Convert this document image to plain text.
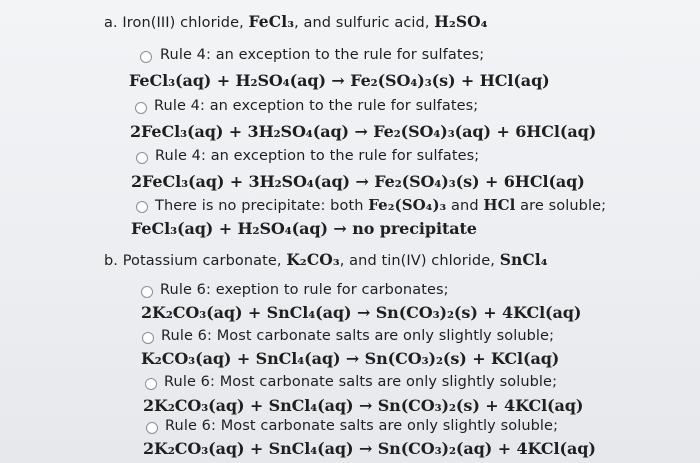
a. Iron(III) chloride, FeCl₃, and sulfuric acid, H₂SO₄
Rule 4: an exception to the rule for sulfates;
FeCl₃(aq) + H₂SO₄(aq) → Fe₂(SO₄)₃(s) + HCl(aq)
Rule 4: an exception to the rule for sulfates;
2FeCl₃(aq) + 3H₂SO₄(aq) → Fe₂(SO₄)₃(aq) + 6HCl(aq)
Rule 4: an exception to the rule for sulfates;
2FeCl₃(aq) + 3H₂SO₄(aq) → Fe₂(SO₄)₃(s) + 6HCl(aq)
There is no precipitate: both Fe₂(SO₄)₃ and HCl are soluble;
FeCl₃(aq) + H₂SO₄(aq) → no precipitate
b. Potassium carbonate, K₂CO₃, and tin(IV) chloride, SnCl₄
Rule 6: exeption to rule for carbonates;
2K₂CO₃(aq) + SnCl₄(aq) → Sn(CO₃)₂(s) + 4KCl(aq)
Rule 6: Most carbonate salts are only slightly soluble;
K₂CO₃(aq) + SnCl₄(aq) → Sn(CO₃)₂(s) + KCl(aq)
Rule 6: Most carbonate salts are only slightly soluble;
2K₂CO₃(aq) + SnCl₄(aq) → Sn(CO₃)₂(s) + 4KCl(aq)
Rule 6: Most carbonate salts are only slightly soluble;
2K₂CO₃(aq) + SnCl₄(aq) → Sn(CO₃)₂(aq) + 4KCl(aq)
